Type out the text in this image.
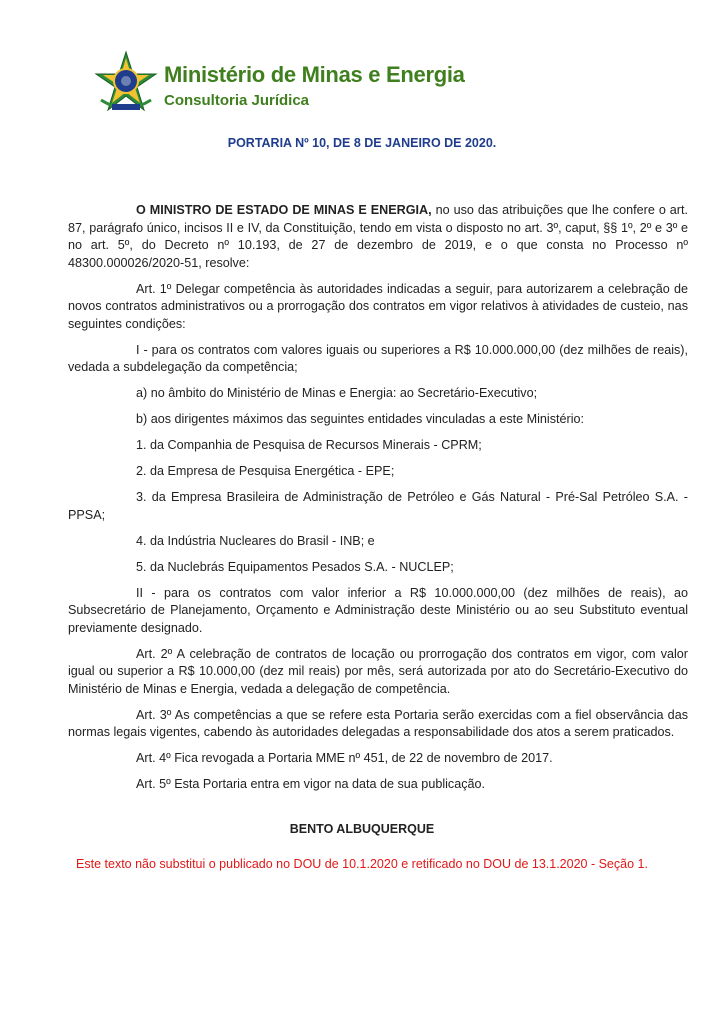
Ministério de Minas e Energia
Consultoria Jurídica
PORTARIA Nº 10, DE 8 DE JANEIRO DE 2020.

O MINISTRO DE ESTADO DE MINAS E ENERGIA, no uso das atribuições que lhe confere o art. 87, parágrafo único, incisos II e IV, da Constituição, tendo em vista o disposto no art. 3º, caput, §§ 1º, 2º e 3º e no art. 5º, do Decreto nº 10.193, de 27 de dezembro de 2019, e o que consta no Processo nº 48300.000026/2020-51, resolve:

Art. 1º Delegar competência às autoridades indicadas a seguir, para autorizarem a celebração de novos contratos administrativos ou a prorrogação dos contratos em vigor relativos à atividades de custeio, nas seguintes condições:

I - para os contratos com valores iguais ou superiores a R$ 10.000.000,00 (dez milhões de reais), vedada a subdelegação da competência;

a) no âmbito do Ministério de Minas e Energia: ao Secretário-Executivo;

b) aos dirigentes máximos das seguintes entidades vinculadas a este Ministério:

1. da Companhia de Pesquisa de Recursos Minerais - CPRM;

2. da Empresa de Pesquisa Energética - EPE;

3. da Empresa Brasileira de Administração de Petróleo e Gás Natural - Pré-Sal Petróleo S.A. - PPSA;

4. da Indústria Nucleares do Brasil - INB; e

5. da Nuclebrás Equipamentos Pesados S.A. - NUCLEP;

II - para os contratos com valor inferior a R$ 10.000.000,00 (dez milhões de reais), ao Subsecretário de Planejamento, Orçamento e Administração deste Ministério ou ao seu Substituto eventual previamente designado.

Art. 2º A celebração de contratos de locação ou prorrogação dos contratos em vigor, com valor igual ou superior a R$ 10.000,00 (dez mil reais) por mês, será autorizada por ato do Secretário-Executivo do Ministério de Minas e Energia, vedada a delegação de competência.

Art. 3º As competências a que se refere esta Portaria serão exercidas com a fiel observância das normas legais vigentes, cabendo às autoridades delegadas a responsabilidade dos atos a serem praticados.

Art. 4º Fica revogada a Portaria MME nº 451, de 22 de novembro de 2017.

Art. 5º Esta Portaria entra em vigor na data de sua publicação.

BENTO ALBUQUERQUE
Este texto não substitui o publicado no DOU de 10.1.2020 e retificado no DOU de 13.1.2020 - Seção 1.
